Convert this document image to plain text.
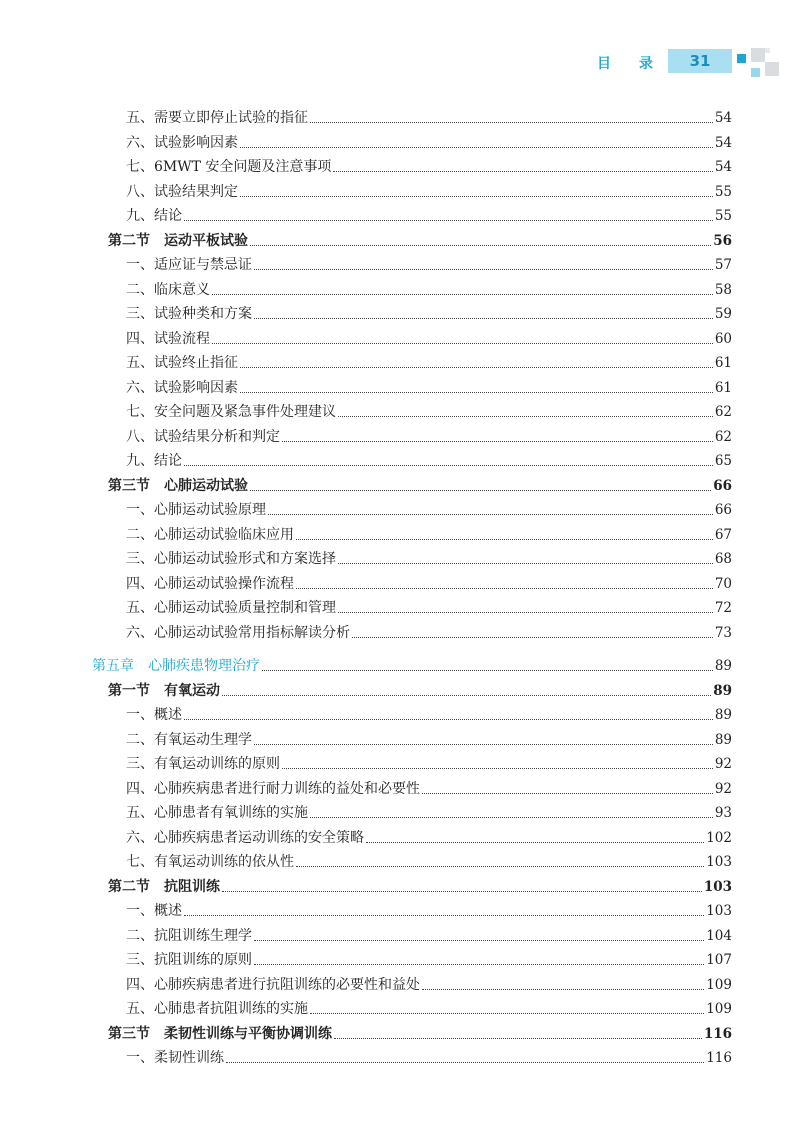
目 录	31
五、需要立即停止试验的指征	54
六、试验影响因素	54
七、6MWT 安全问题及注意事项	54
八、试验结果判定	55
九、结论	55
第二节　运动平板试验	56
一、适应证与禁忌证	57
二、临床意义	58
三、试验种类和方案	59
四、试验流程	60
五、试验终止指征	61
六、试验影响因素	61
七、安全问题及紧急事件处理建议	62
八、试验结果分析和判定	62
九、结论	65
第三节　心肺运动试验	66
一、心肺运动试验原理	66
二、心肺运动试验临床应用	67
三、心肺运动试验形式和方案选择	68
四、心肺运动试验操作流程	70
五、心肺运动试验质量控制和管理	72
六、心肺运动试验常用指标解读分析	73
第五章　心肺疾患物理治疗	89
第一节　有氧运动	89
一、概述	89
二、有氧运动生理学	89
三、有氧运动训练的原则	92
四、心肺疾病患者进行耐力训练的益处和必要性	92
五、心肺患者有氧训练的实施	93
六、心肺疾病患者运动训练的安全策略	102
七、有氧运动训练的依从性	103
第二节　抗阻训练	103
一、概述	103
二、抗阻训练生理学	104
三、抗阻训练的原则	107
四、心肺疾病患者进行抗阻训练的必要性和益处	109
五、心肺患者抗阻训练的实施	109
第三节　柔韧性训练与平衡协调训练	116
一、柔韧性训练	116
